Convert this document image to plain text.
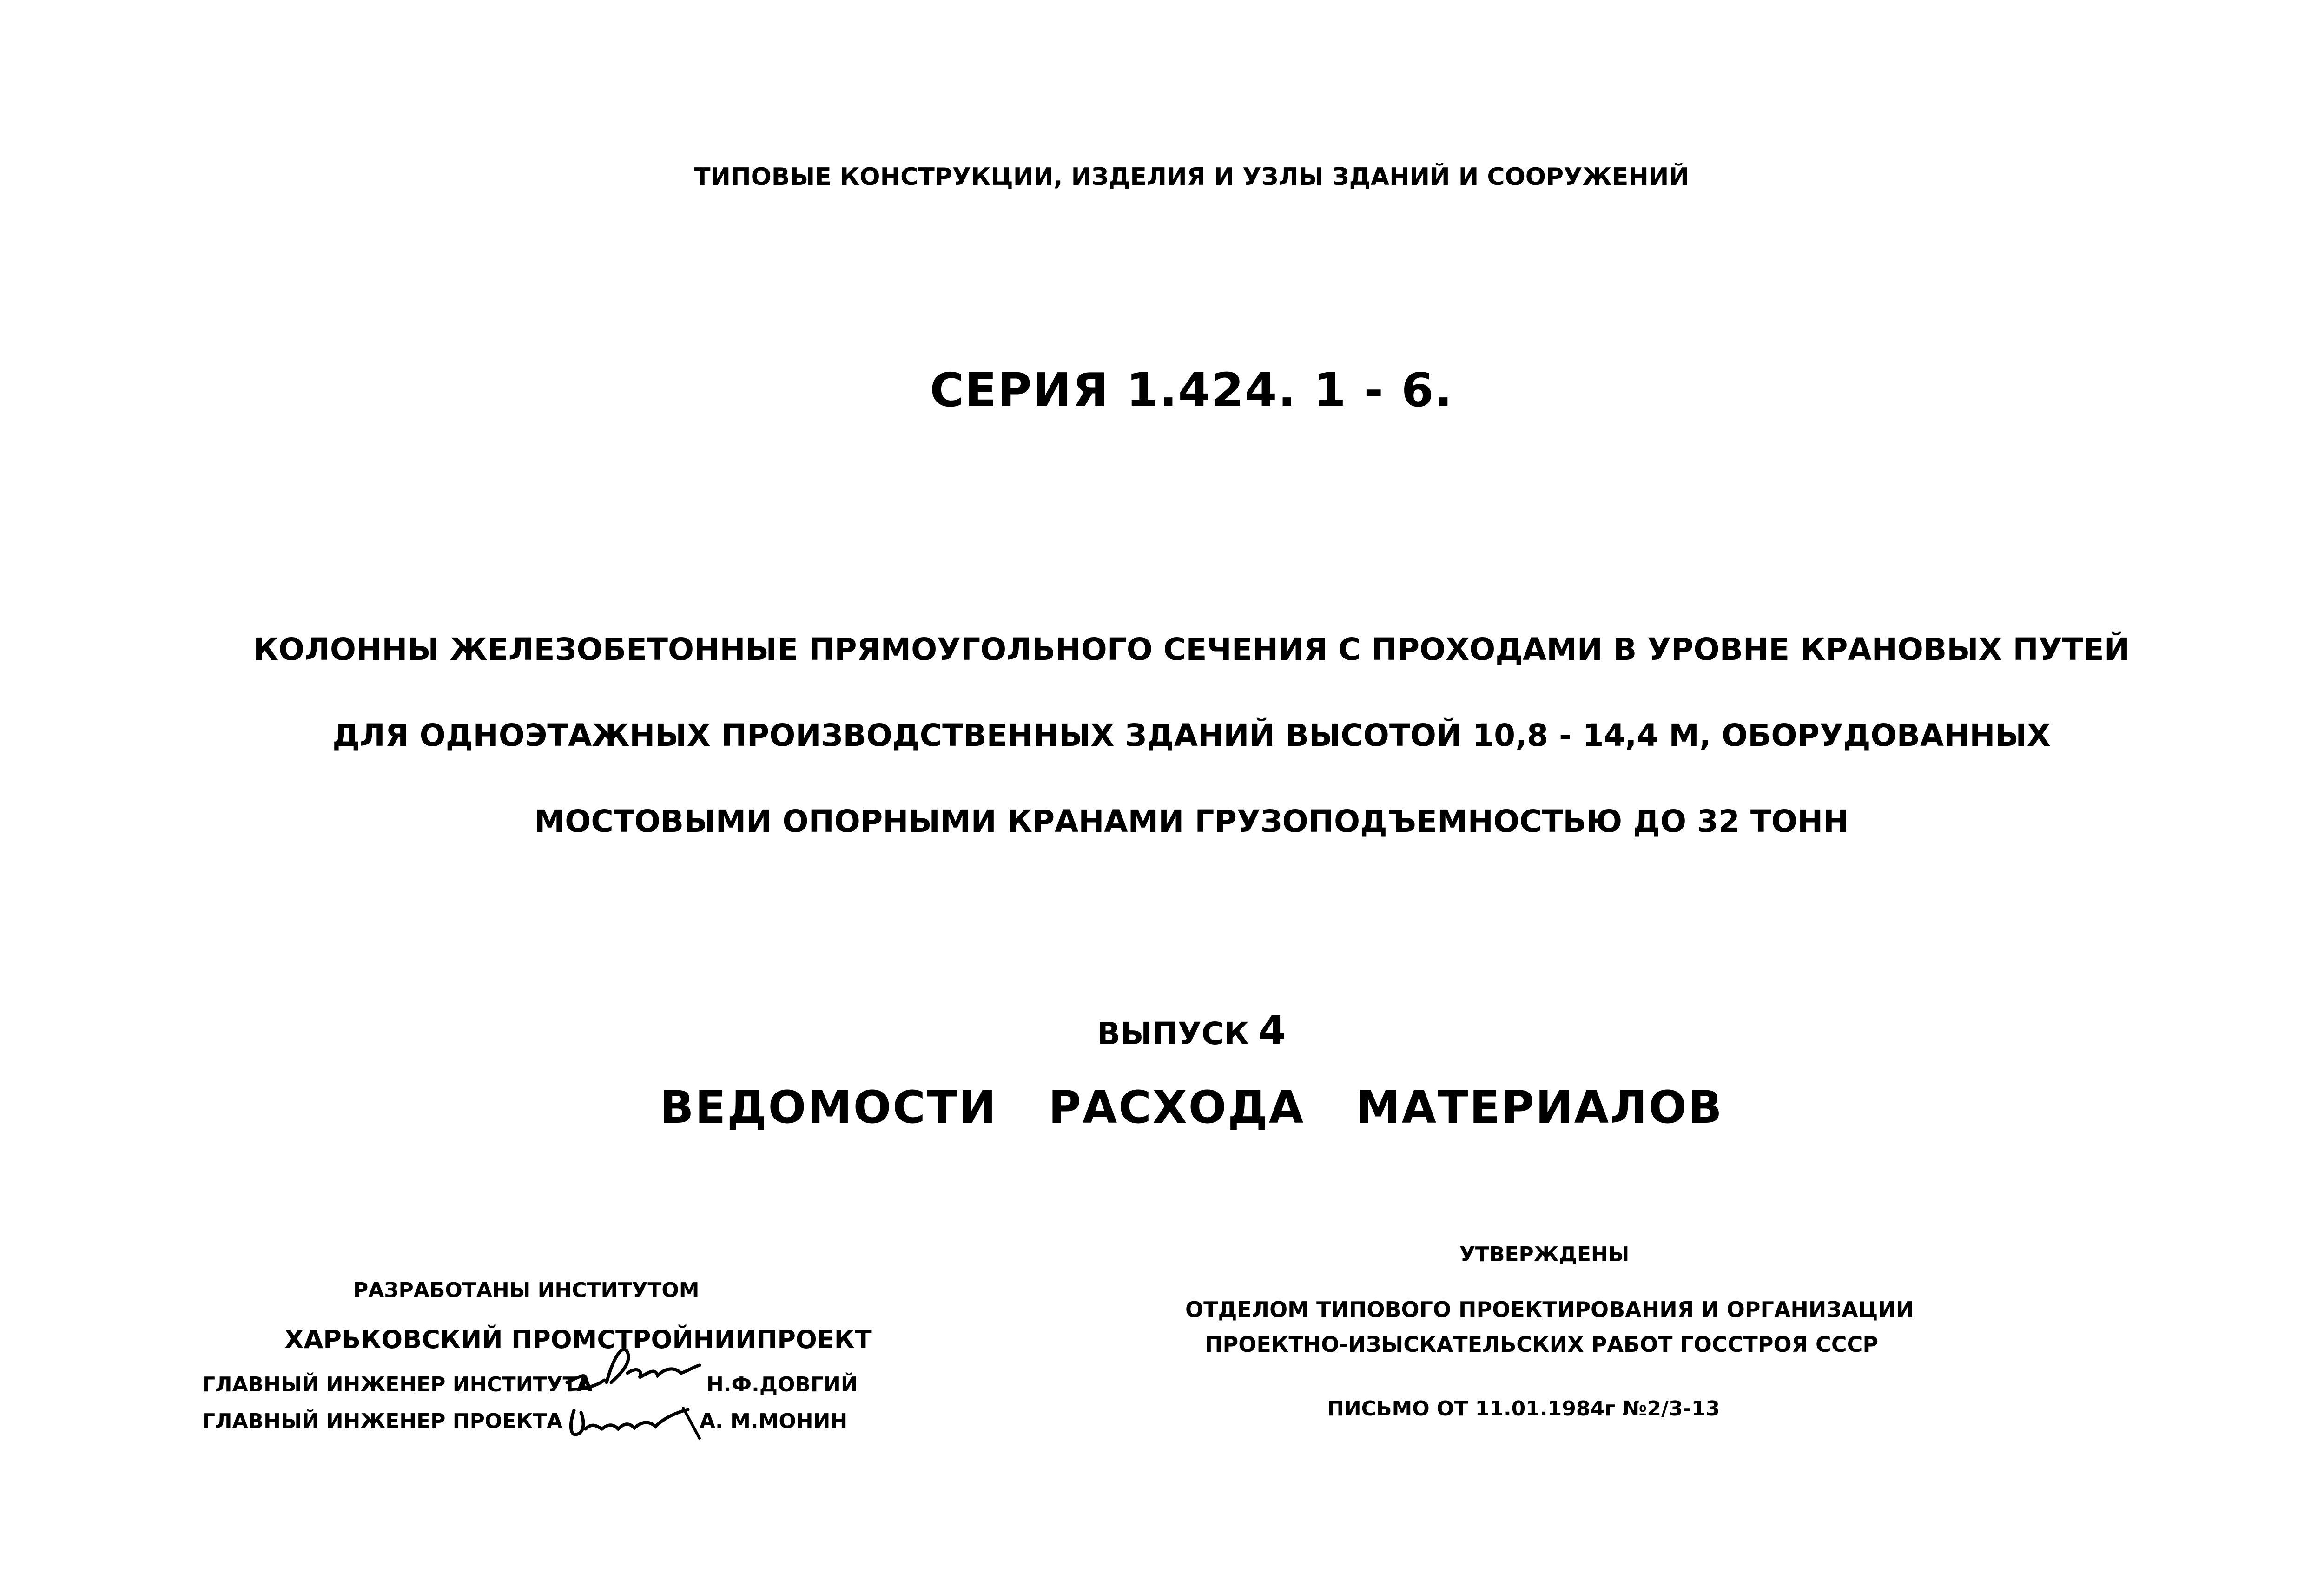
ТИПОВЫЕ КОНСТРУКЦИИ, ИЗДЕЛИЯ И УЗЛЫ ЗДАНИЙ И СООРУЖЕНИЙ
СЕРИЯ 1.424. 1 - 6.
КОЛОННЫ ЖЕЛЕЗОБЕТОННЫЕ ПРЯМОУГОЛЬНОГО СЕЧЕНИЯ С ПРОХОДАМИ В УРОВНЕ КРАНОВЫХ ПУТЕЙ
ДЛЯ ОДНОЭТАЖНЫХ ПРОИЗВОДСТВЕННЫХ ЗДАНИЙ ВЫСОТОЙ 10,8 - 14,4 М, ОБОРУДОВАННЫХ
МОСТОВЫМИ ОПОРНЫМИ КРАНАМИ ГРУЗОПОДЪЕМНОСТЬЮ ДО 32 ТОНН
ВЫПУСК 4
ВЕДОМОСТИ РАСХОДА МАТЕРИАЛОВ
РАЗРАБОТАНЫ ИНСТИТУТОМ
ХАРЬКОВСКИЙ ПРОМСТРОЙНИИПРОЕКТ
ГЛАВНЫЙ ИНЖЕНЕР ИНСТИТУТА	Н.Ф.ДОВГИЙ
ГЛАВНЫЙ ИНЖЕНЕР ПРОЕКТА	А. М.МОНИН
УТВЕРЖДЕНЫ
ОТДЕЛОМ ТИПОВОГО ПРОЕКТИРОВАНИЯ И ОРГАНИЗАЦИИ
ПРОЕКТНО-ИЗЫСКАТЕЛЬСКИХ РАБОТ ГОССТРОЯ СССР
ПИСЬМО ОТ 11.01.1984г №2/3-13
